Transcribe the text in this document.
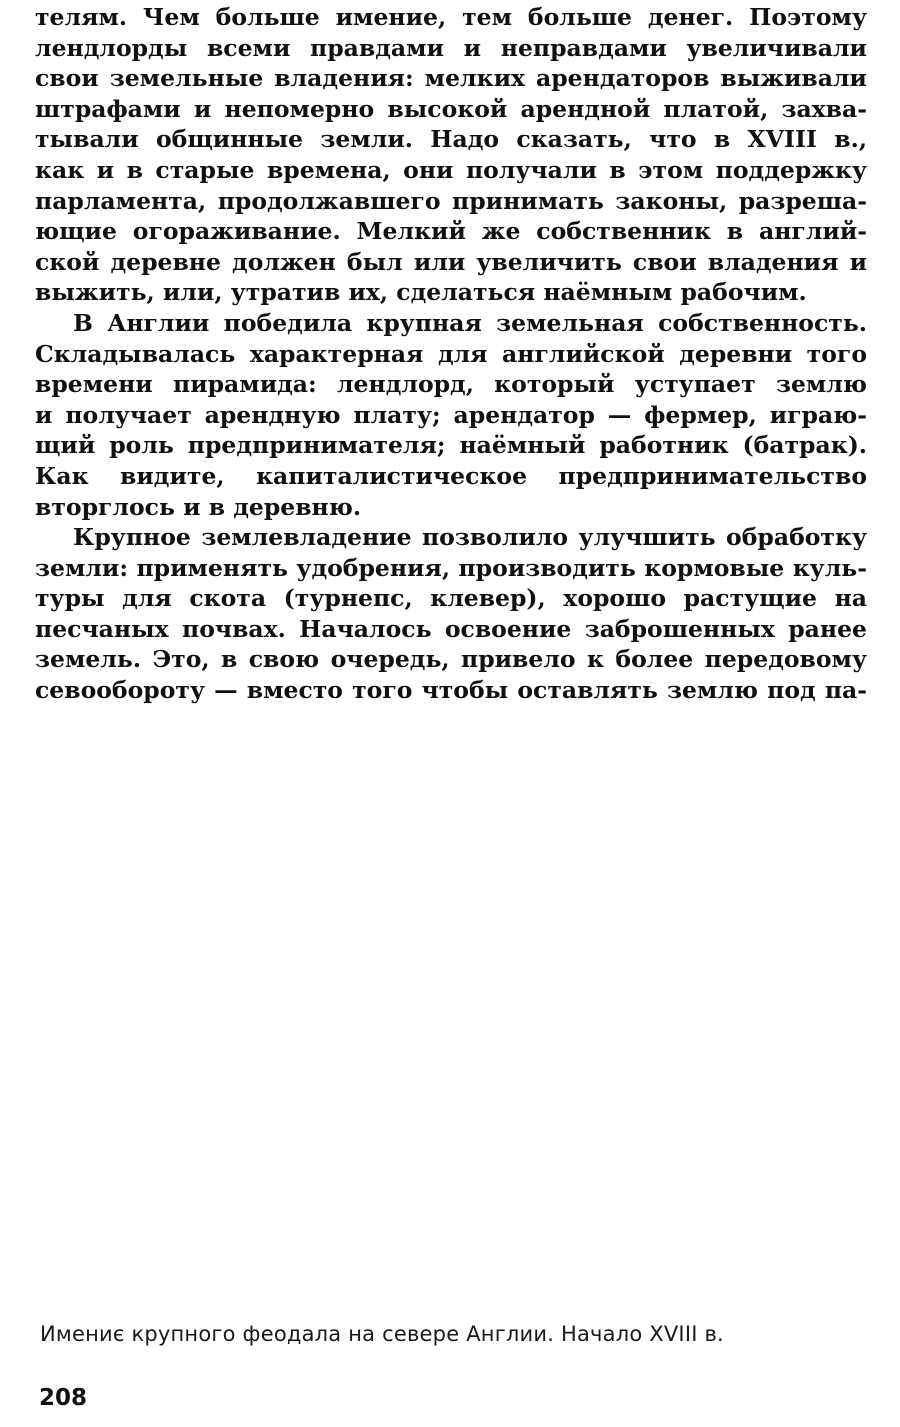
телям. Чем больше имение, тем больше денег. Поэтому
лендлорды всеми правдами и неправдами увеличивали
свои земельные владения: мелких арендаторов выживали
штрафами и непомерно высокой арендной платой, захва-
тывали общинные земли. Надо сказать, что в XVIII в.,
как и в старые времена, они получали в этом поддержку
парламента, продолжавшего принимать законы, разреша-
ющие огораживание. Мелкий же собственник в англий-
ской деревне должен был или увеличить свои владения и
выжить, или, утратив их, сделаться наёмным рабочим.
В Англии победила крупная земельная собственность.
Складывалась характерная для английской деревни того
времени пирамида: лендлорд, который уступает землю
и получает арендную плату; арендатор — фермер, играю-
щий роль предпринимателя; наёмный работник (батрак).
Как видите, капиталистическое предпринимательство
вторглось и в деревню.
Крупное землевладение позволило улучшить обработку
земли: применять удобрения, производить кормовые куль-
туры для скота (турнепс, клевер), хорошо растущие на
песчаных почвах. Началось освоение заброшенных ранее
земель. Это, в свою очередь, привело к более передовому
севообороту — вместо того чтобы оставлять землю под па-
Имениє крупного феодала на севере Англии. Начало XVIII в.
208
